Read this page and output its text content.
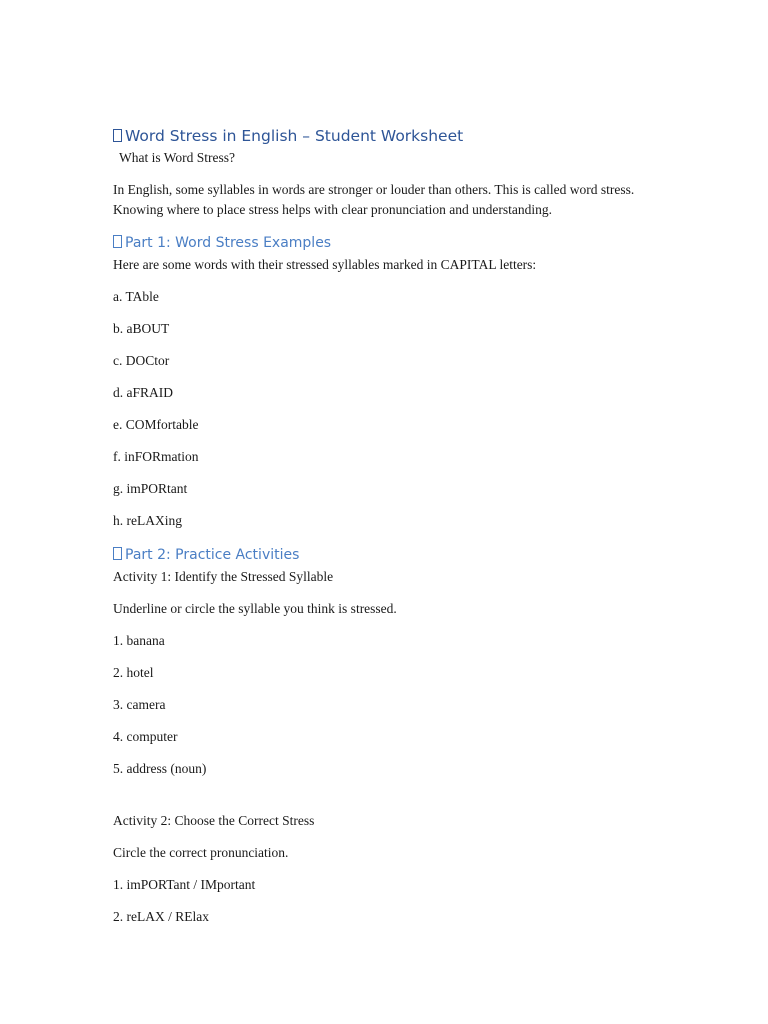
Word Stress in English – Student Worksheet
What is Word Stress?
In English, some syllables in words are stronger or louder than others. This is called word stress. Knowing where to place stress helps with clear pronunciation and understanding.
Part 1: Word Stress Examples
Here are some words with their stressed syllables marked in CAPITAL letters:
a. TAble
b. aBOUT
c. DOCtor
d. aFRAID
e. COMfortable
f. inFORmation
g. imPORtant
h. reLAXing
Part 2: Practice Activities
Activity 1: Identify the Stressed Syllable
Underline or circle the syllable you think is stressed.
1. banana
2. hotel
3. camera
4. computer
5. address (noun)
Activity 2: Choose the Correct Stress
Circle the correct pronunciation.
1. imPORTant / IMportant
2. reLAX / RElax
